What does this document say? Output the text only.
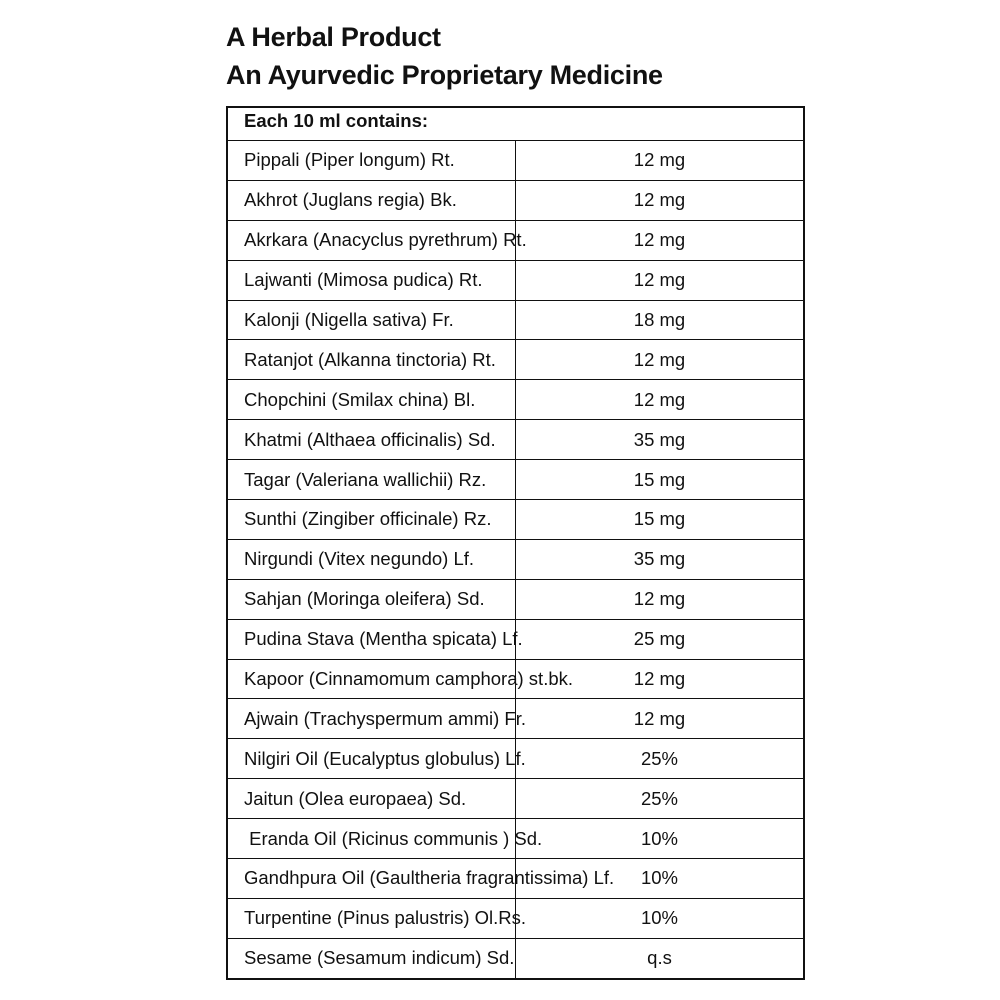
A Herbal Product
An Ayurvedic Proprietary Medicine
Each 10 ml contains:	
Pippali (Piper longum) Rt.	12 mg
Akhrot (Juglans regia) Bk.	12 mg
Akrkara (Anacyclus pyrethrum) Rt.	12 mg
Lajwanti (Mimosa pudica) Rt.	12 mg
Kalonji (Nigella sativa) Fr.	18 mg
Ratanjot (Alkanna tinctoria) Rt.	12 mg
Chopchini (Smilax china) Bl.	12 mg
Khatmi (Althaea officinalis) Sd.	35 mg
Tagar (Valeriana wallichii) Rz.	15 mg
Sunthi (Zingiber officinale) Rz.	15 mg
Nirgundi (Vitex negundo) Lf.	35 mg
Sahjan (Moringa oleifera) Sd.	12 mg
Pudina Stava (Mentha spicata) Lf.	25 mg
Kapoor (Cinnamomum camphora) st.bk.	12 mg
Ajwain (Trachyspermum ammi) Fr.	12 mg
Nilgiri Oil (Eucalyptus globulus) Lf.	25%
Jaitun (Olea europaea) Sd.	25%
Eranda Oil (Ricinus communis ) Sd.	10%
Gandhpura Oil (Gaultheria fragrantissima) Lf.	10%
Turpentine (Pinus palustris) Ol.Rs.	10%
Sesame (Sesamum indicum) Sd.	q.s
